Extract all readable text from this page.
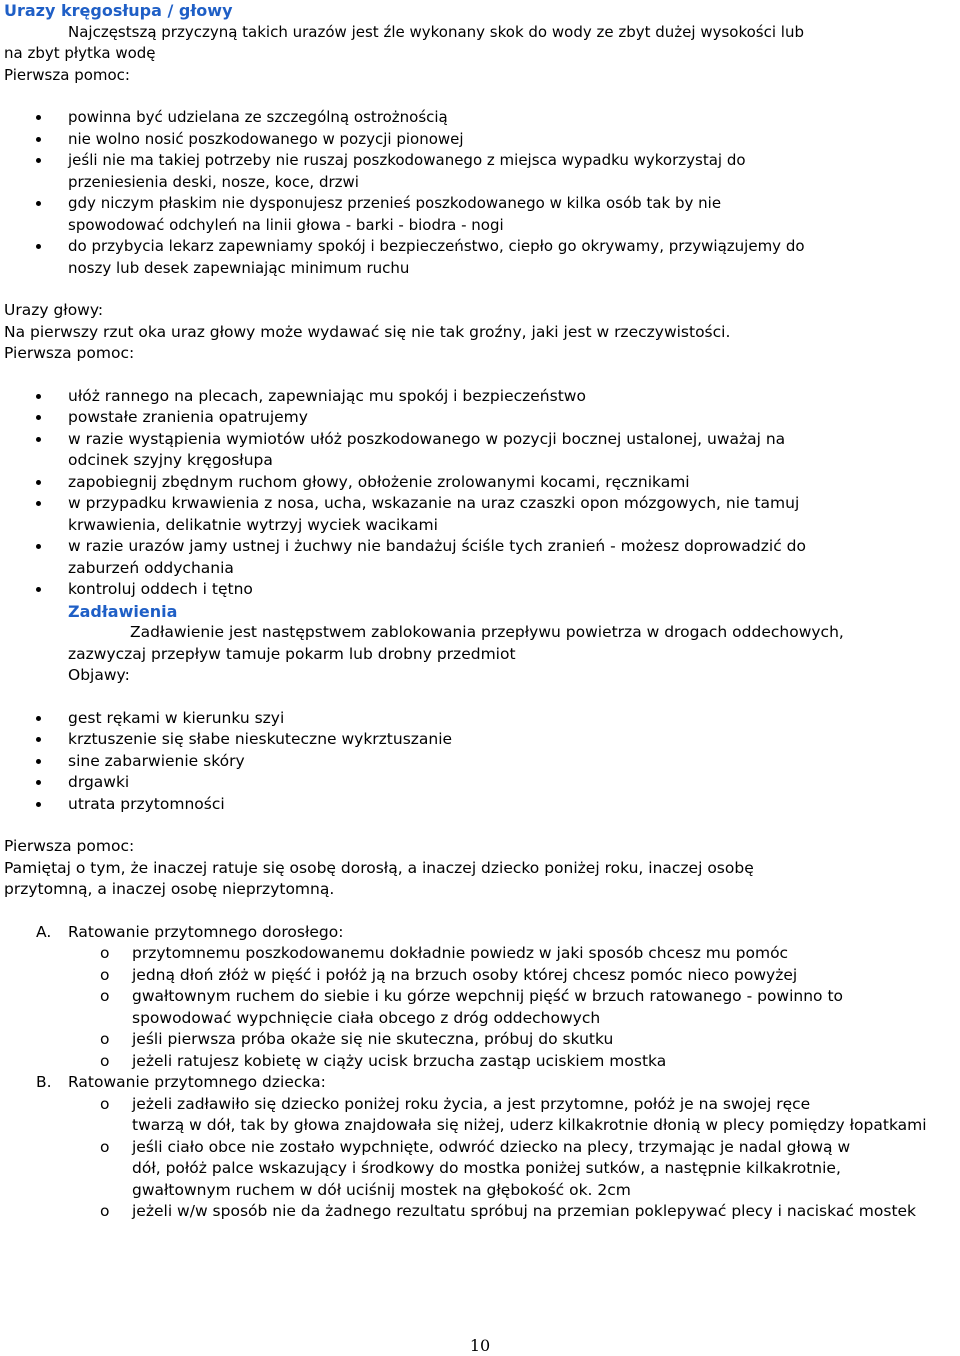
Urazy kręgosłupa / głowy
Najczęstszą przyczyną takich urazów jest źle wykonany skok do wody ze zbyt dużej wysokości lub
na zbyt płytka wodę
Pierwsza pomoc:
powinna być udzielana ze szczególną ostrożnością
nie wolno nosić poszkodowanego w pozycji pionowej
jeśli nie ma takiej potrzeby nie ruszaj poszkodowanego z miejsca wypadku wykorzystaj do
przeniesienia deski, nosze, koce, drzwi
gdy niczym płaskim nie dysponujesz przenieś poszkodowanego w kilka osób tak by nie
spowodować odchyleń na linii głowa - barki - biodra - nogi
do przybycia lekarz zapewniamy spokój i bezpieczeństwo, ciepło go okrywamy, przywiązujemy do
noszy lub desek zapewniając minimum ruchu
Urazy głowy:
Na pierwszy rzut oka uraz głowy może wydawać się nie tak groźny, jaki jest w rzeczywistości.
Pierwsza pomoc:
ułóż rannego na plecach, zapewniając mu spokój i bezpieczeństwo
powstałe zranienia opatrujemy
w razie wystąpienia wymiotów ułóż poszkodowanego w pozycji bocznej ustalonej, uważaj na
odcinek szyjny kręgosłupa
zapobiegnij zbędnym ruchom głowy, obłożenie zrolowanymi kocami, ręcznikami
w przypadku krwawienia z nosa, ucha, wskazanie na uraz czaszki opon mózgowych, nie tamuj
krwawienia, delikatnie wytrzyj wyciek wacikami
w razie urazów jamy ustnej i żuchwy nie bandażuj ściśle tych zranień - możesz doprowadzić do
zaburzeń oddychania
kontroluj oddech i tętno
Zadławienia
Zadławienie jest następstwem zablokowania przepływu powietrza w drogach oddechowych,
zazwyczaj przepływ tamuje pokarm lub drobny przedmiot
Objawy:
gest rękami w kierunku szyi
krztuszenie się słabe nieskuteczne wykrztuszanie
sine zabarwienie skóry
drgawki
utrata przytomności
Pierwsza pomoc:
Pamiętaj o tym, że inaczej ratuje się osobę dorosłą, a inaczej dziecko poniżej roku, inaczej osobę
przytomną, a inaczej osobę nieprzytomną.
A. Ratowanie przytomnego dorosłego:
o przytomnemu poszkodowanemu dokładnie powiedz w jaki sposób chcesz mu pomóc
o jedną dłoń złóż w pięść i połóż ją na brzuch osoby której chcesz pomóc nieco powyżej
o gwałtownym ruchem do siebie i ku górze wepchnij pięść w brzuch ratowanego - powinno to spowodować wypchnięcie ciała obcego z dróg oddechowych
o jeśli pierwsza próba okaże się nie skuteczna, próbuj do skutku
o jeżeli ratujesz kobietę w ciąży ucisk brzucha zastąp uciskiem mostka
B. Ratowanie przytomnego dziecka:
o jeżeli zadławiło się dziecko poniżej roku życia, a jest przytomne, połóż je na swojej ręce twarzą w dół, tak by głowa znajdowała się niżej, uderz kilkakrotnie dłonią w plecy pomiędzy łopatkami
o jeśli ciało obce nie zostało wypchnięte, odwróć dziecko na plecy, trzymając je nadal głową w dół, połóż palce wskazujący i środkowy do mostka poniżej sutków, a następnie kilkakrotnie, gwałtownym ruchem w dół uciśnij mostek na głębokość ok. 2cm
o jeżeli w/w sposób nie da żadnego rezultatu spróbuj na przemian poklepywać plecy i naciskać mostek
10
